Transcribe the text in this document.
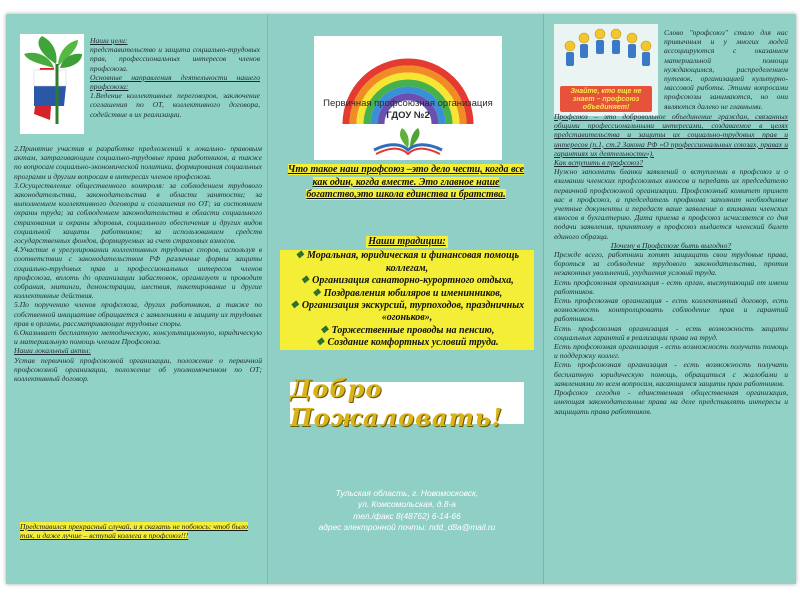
Наши цели:
представительство и защита социально-трудовых прав, профессиональных интересов членов профсоюза.
Основные направления деятельности нашего профсоюза:
1.Ведение коллективных переговоров, заключение соглашения по ОТ, коллективного договора, содействие в их реализации.
2.Принятие участия в разработке предложений к локально- правовым актам, затрагивающим социально-трудовые права работников, а также по вопросам социально-экономической политики, формирования социальных программ и другим вопросам в интересах членов профсоюза.
3.Осуществление общественного контроля: за соблюдением трудового законодательства, законодательства в области занятости; за выполнением коллективного договора и соглашения по ОТ; за состоянием охраны труда; за соблюдением законодательства в области социального страхования и охраны здоровья, социального обеспечения и других видов социальной защиты работников; за использованием средств государственных фондов, формируемых за счет страховых взносов.
4.Участие в урегулировании коллективных трудовых споров, используя в соответствии с законодательством РФ различные формы защиты социально-трудовых прав и профессиональных интересов членов профсоюза, вплоть до организации забастовок, организует и проводит собрания, митинги, демонстрации, шествия, пикетирование и другие коллективные действия.
5.По поручению членов профсоюза, других работников, а также по собственной инициативе обращается с заявлениями в защиту их трудовых прав в органы, рассматривающие трудовые споры.
6.Оказывает бесплатную методическую, консультационную, юридическую и материальную помощь членам Профсоюза.
Наши локальный акты:
Устав первичной профсоюзной организации, положение о первичной профсоюзной организации, положение об уполномоченном по ОТ; коллективный договор.
Представился прекрасный случай, и я сказать не побоюсь: чтоб было так, и даже лучше – вступай коллега в профсоюз!!!
Первичная профсоюзная организация
ГДОУ №2
Что такое наш профсоюз –это дело чести, когда все как один, когда вместе. Это главное наше богатство,это школа единства и братства.
Наши традиции:
❖ Моральная, юридическая и финансовая помощь коллегам,
❖ Организация санаторно-курортного отдыха,
❖ Поздравления юбиляров и именинников,
❖ Организация экскурсий, турпоходов, праздничных «огоньков»,
❖ Торжественные проводы на пенсию,
❖ Создание комфортных условий труда.
Добро Пожаловать!
Тульская область, г. Новомосковск,
ул. Комсомольская, д.8-а
тел./факс 8(48762) 6-14-66
адрес электронной почты: ndd_d8a@mail.ru
Знайте, кто еще не знает – профсоюз объединяет!
Слово "профсоюз" стало для нас привычным и у многих людей ассоциируются с оказанием материальной помощи нуждающимся, распределением путевок, организацией культурно-массовой работы. Этими вопросами профсоюзы занимаются, но они являются далеко не главными.
Профсоюз – это добровольное объединение граждан, связанных общими профессиональными интересами, создаваемое в целях представительства и защиты их социально-трудовых прав и интересов (п.1, ст.2 Закона РФ «О профессиональных союзах, правах и гарантиях их деятельности»).
Как вступить в профсоюз?
Нужно заполнить бланки заявлений о вступлении в профсоюз и о взимании членских профсоюзных взносов и передать их председателю первичной профсоюзной организации. Профсоюзный комитет примет вас в профсоюз, а председатель профкома заполнит необходимые учетные документы и передаст ваше заявление о взимании членских взносов в бухгалтерию. Дата приема в профсоюз исчисляется со дня подачи заявления, принятому в профсоюз выдается членский билет единого образца.
Почему в Профсоюзе быть выгодно?
Прежде всего, работники хотят защищать свои трудовые права, бороться за соблюдение трудового законодательства, против незаконных увольнений, ухудшения условий труда.
Есть профсоюзная организация - есть орган, выступающий от имени работников.
Есть профсоюзная организация - есть коллективный договор, есть возможность контролировать соблюдение прав и гарантий работников.
Есть профсоюзная организация - есть возможность защиты социальных гарантий в реализации права на труд.
Есть профсоюзная организация - есть возможность получить помощь и поддержку коллег.
Есть профсоюзная организация - есть возможность получать бесплатную юридическую помощь, обращаться с жалобами и заявлениями по всем вопросам, касающимся защиты прав работников.
Профсоюз сегодня - единственная общественная организация, имеющая законодательные права на деле представлять интересы и защищать права работников.
